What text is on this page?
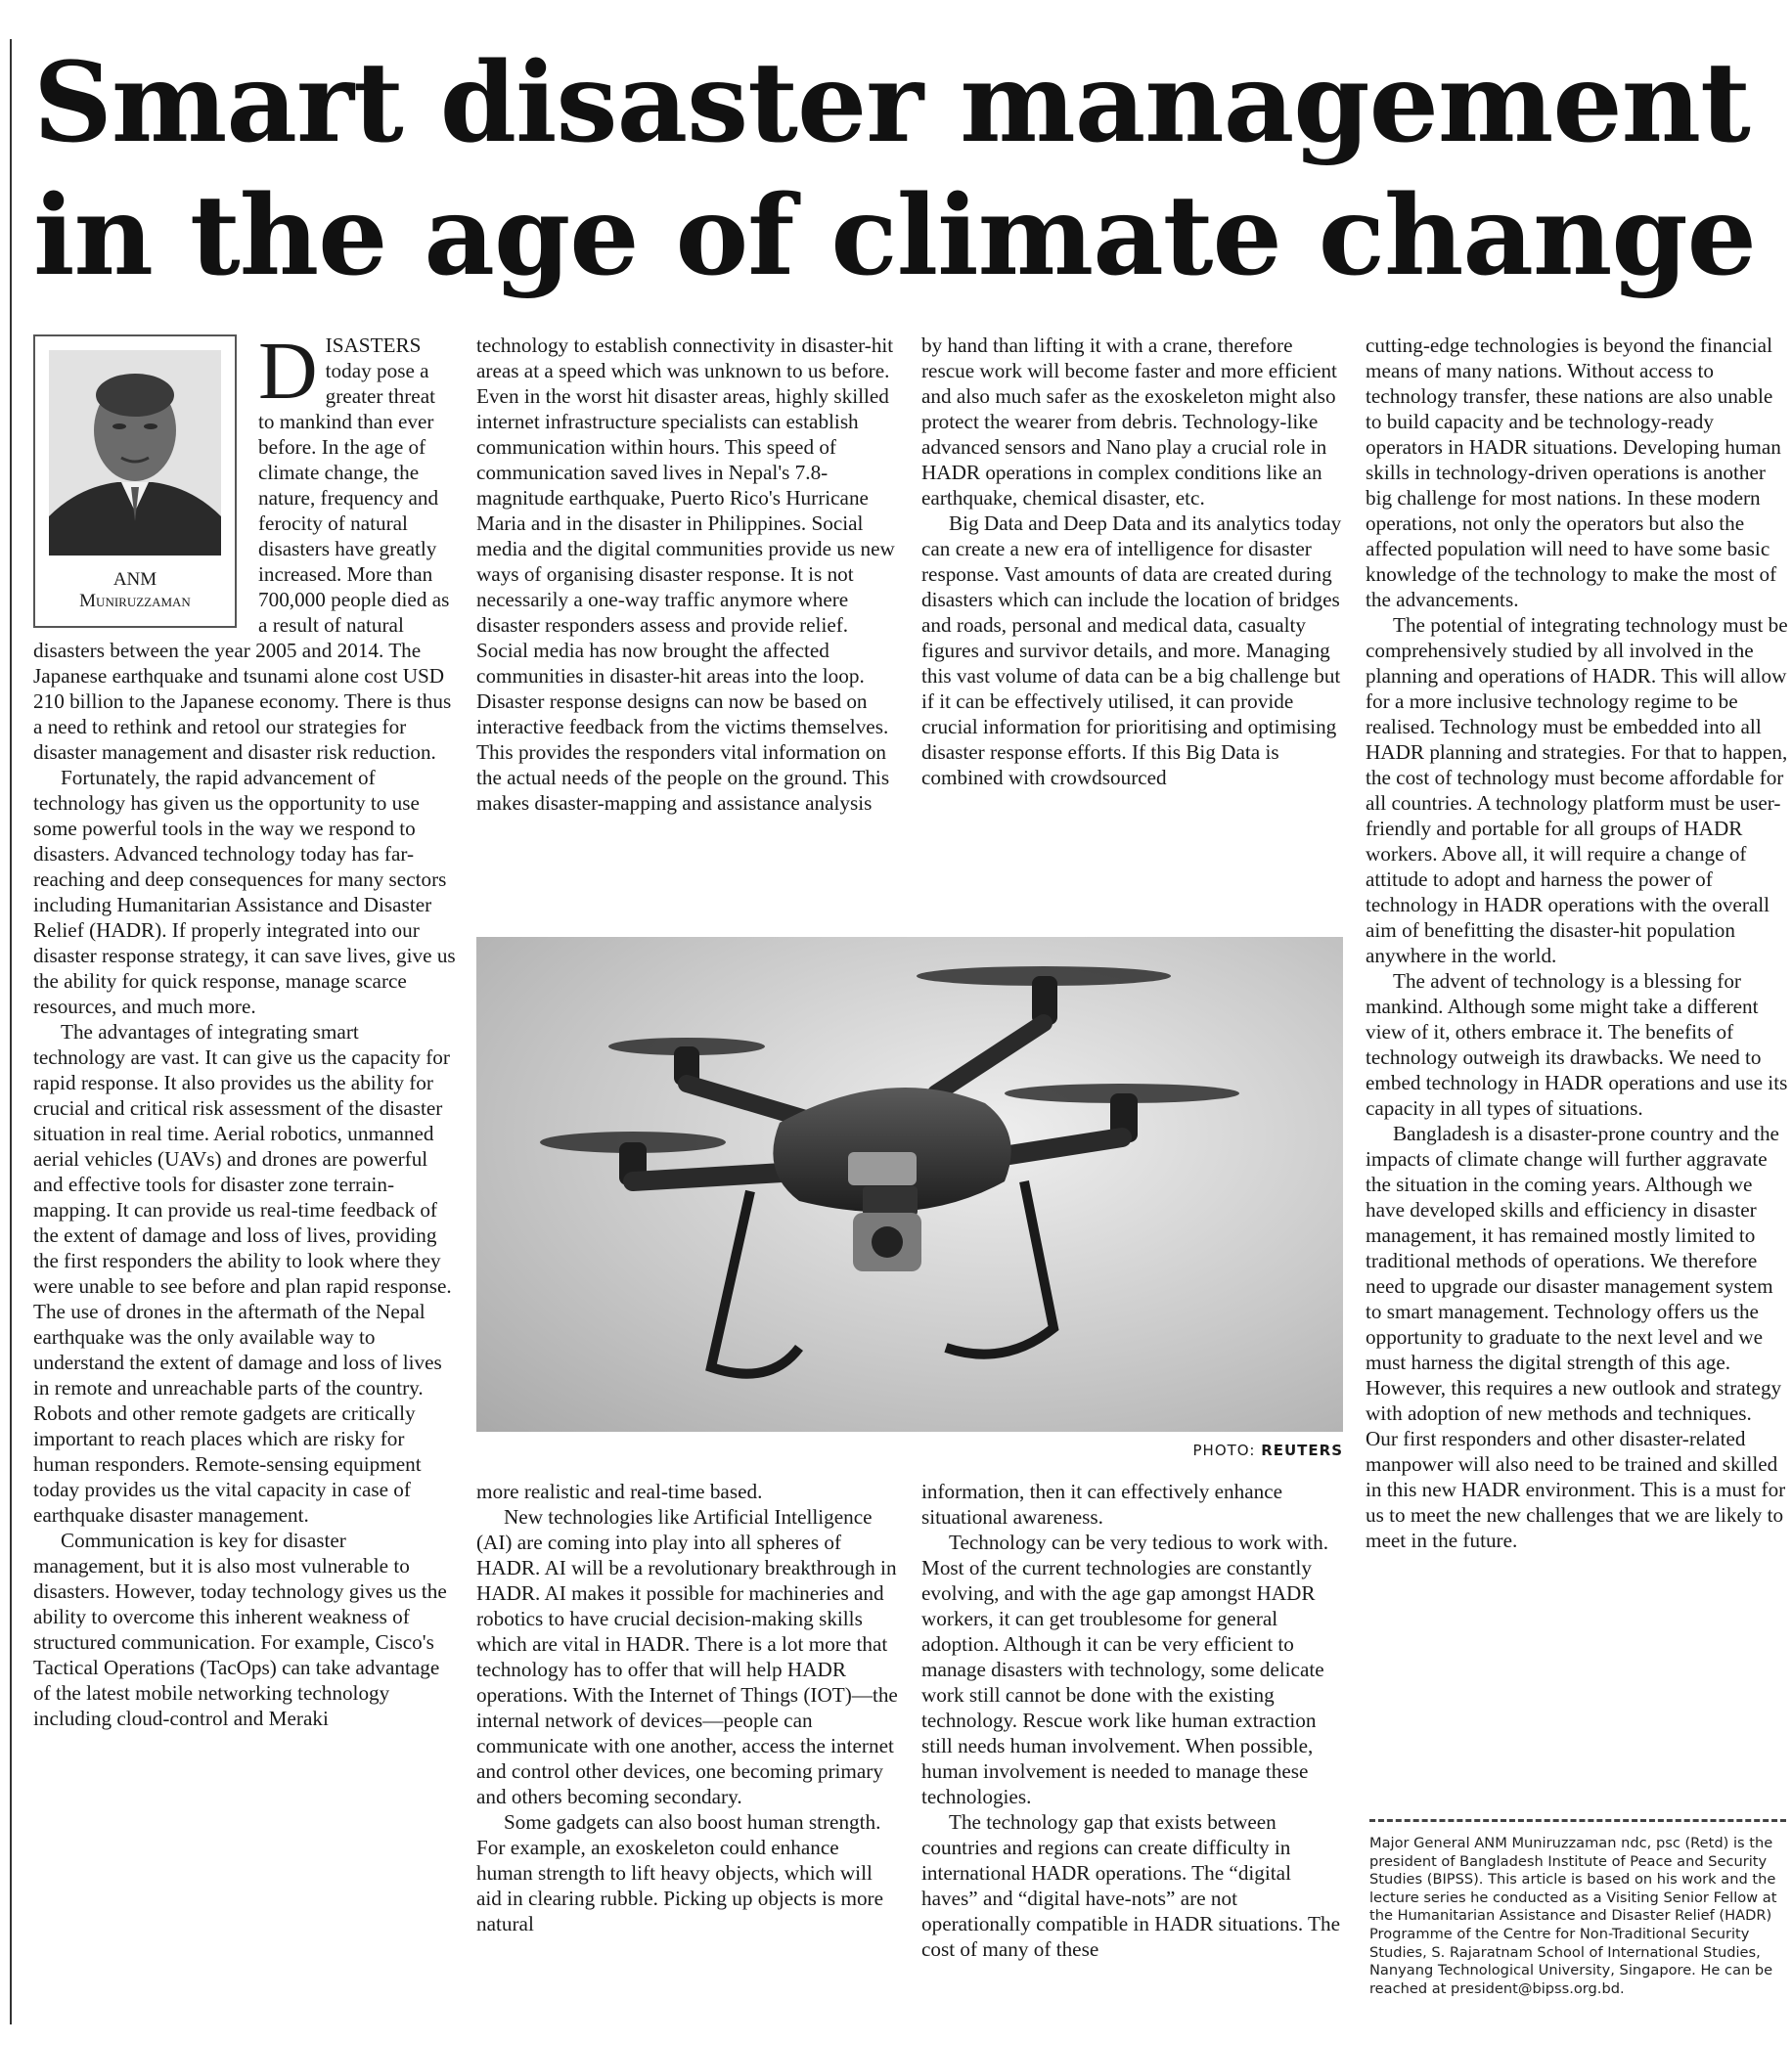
Smart disaster management in the age of climate change
ANM
Muniruzzaman

DISASTERS today pose a greater threat to mankind than ever before. In the age of climate change, the nature, frequency and ferocity of natural disasters have greatly increased. More than 700,000 people died as a result of natural disasters between the year 2005 and 2014. The Japanese earthquake and tsunami alone cost USD 210 billion to the Japanese economy. There is thus a need to rethink and retool our strategies for disaster management and disaster risk reduction.

Fortunately, the rapid advancement of technology has given us the opportunity to use some powerful tools in the way we respond to disasters. Advanced technology today has far-reaching and deep consequences for many sectors including Humanitarian Assistance and Disaster Relief (HADR). If properly integrated into our disaster response strategy, it can save lives, give us the ability for quick response, manage scarce resources, and much more.

The advantages of integrating smart technology are vast. It can give us the capacity for rapid response. It also provides us the ability for crucial and critical risk assessment of the disaster situation in real time. Aerial robotics, unmanned aerial vehicles (UAVs) and drones are powerful and effective tools for disaster zone terrain-mapping. It can provide us real-time feedback of the extent of damage and loss of lives, providing the first responders the ability to look where they were unable to see before and plan rapid response. The use of drones in the aftermath of the Nepal earthquake was the only available way to understand the extent of damage and loss of lives in remote and unreachable parts of the country. Robots and other remote gadgets are critically important to reach places which are risky for human responders. Remote-sensing equipment today provides us the vital capacity in case of earthquake disaster management.

Communication is key for disaster management, but it is also most vulnerable to disasters. However, today technology gives us the ability to overcome this inherent weakness of structured communication. For example, Cisco's Tactical Operations (TacOps) can take advantage of the latest mobile networking technology including cloud-control and Meraki

technology to establish connectivity in disaster-hit areas at a speed which was unknown to us before. Even in the worst hit disaster areas, highly skilled internet infrastructure specialists can establish communication within hours. This speed of communication saved lives in Nepal's 7.8-magnitude earthquake, Puerto Rico's Hurricane Maria and in the disaster in Philippines. Social media and the digital communities provide us new ways of organising disaster response. It is not necessarily a one-way traffic anymore where disaster responders assess and provide relief. Social media has now brought the affected communities in disaster-hit areas into the loop. Disaster response designs can now be based on interactive feedback from the victims themselves. This provides the responders vital information on the actual needs of the people on the ground. This makes disaster-mapping and assistance analysis

by hand than lifting it with a crane, therefore rescue work will become faster and more efficient and also much safer as the exoskeleton might also protect the wearer from debris. Technology-like advanced sensors and Nano play a crucial role in HADR operations in complex conditions like an earthquake, chemical disaster, etc.

Big Data and Deep Data and its analytics today can create a new era of intelligence for disaster response. Vast amounts of data are created during disasters which can include the location of bridges and roads, personal and medical data, casualty figures and survivor details, and more. Managing this vast volume of data can be a big challenge but if it can be effectively utilised, it can provide crucial information for prioritising and optimising disaster response efforts. If this Big Data is combined with crowdsourced

cutting-edge technologies is beyond the financial means of many nations. Without access to technology transfer, these nations are also unable to build capacity and be technology-ready operators in HADR situations. Developing human skills in technology-driven operations is another big challenge for most nations. In these modern operations, not only the operators but also the affected population will need to have some basic knowledge of the technology to make the most of the advancements.

The potential of integrating technology must be comprehensively studied by all involved in the planning and operations of HADR. This will allow for a more inclusive technology regime to be realised. Technology must be embedded into all HADR planning and strategies. For that to happen, the cost of technology must become affordable for all countries. A technology platform must be user-friendly and portable for all groups of HADR workers. Above all, it will require a change of attitude to adopt and harness the power of technology in HADR operations with the overall aim of benefitting the disaster-hit population anywhere in the world.

The advent of technology is a blessing for mankind. Although some might take a different view of it, others embrace it. The benefits of technology outweigh its drawbacks. We need to embed technology in HADR operations and use its capacity in all types of situations.

Bangladesh is a disaster-prone country and the impacts of climate change will further aggravate the situation in the coming years. Although we have developed skills and efficiency in disaster management, it has remained mostly limited to traditional methods of operations. We therefore need to upgrade our disaster management system to smart management. Technology offers us the opportunity to graduate to the next level and we must harness the digital strength of this age. However, this requires a new outlook and strategy with adoption of new methods and techniques. Our first responders and other disaster-related manpower will also need to be trained and skilled in this new HADR environment. This is a must for us to meet the new challenges that we are likely to meet in the future.

PHOTO: REUTERS

more realistic and real-time based.

New technologies like Artificial Intelligence (AI) are coming into play into all spheres of HADR. AI will be a revolutionary breakthrough in HADR. AI makes it possible for machineries and robotics to have crucial decision-making skills which are vital in HADR. There is a lot more that technology has to offer that will help HADR operations. With the Internet of Things (IOT)—the internal network of devices—people can communicate with one another, access the internet and control other devices, one becoming primary and others becoming secondary.

Some gadgets can also boost human strength. For example, an exoskeleton could enhance human strength to lift heavy objects, which will aid in clearing rubble. Picking up objects is more natural

information, then it can effectively enhance situational awareness.

Technology can be very tedious to work with. Most of the current technologies are constantly evolving, and with the age gap amongst HADR workers, it can get troublesome for general adoption. Although it can be very efficient to manage disasters with technology, some delicate work still cannot be done with the existing technology. Rescue work like human extraction still needs human involvement. When possible, human involvement is needed to manage these technologies.

The technology gap that exists between countries and regions can create difficulty in international HADR operations. The “digital haves” and “digital have-nots” are not operationally compatible in HADR situations. The cost of many of these

Major General ANM Muniruzzaman ndc, psc (Retd) is the president of Bangladesh Institute of Peace and Security Studies (BIPSS). This article is based on his work and the lecture series he conducted as a Visiting Senior Fellow at the Humanitarian Assistance and Disaster Relief (HADR) Programme of the Centre for Non-Traditional Security Studies, S. Rajaratnam School of International Studies, Nanyang Technological University, Singapore. He can be reached at president@bipss.org.bd.
